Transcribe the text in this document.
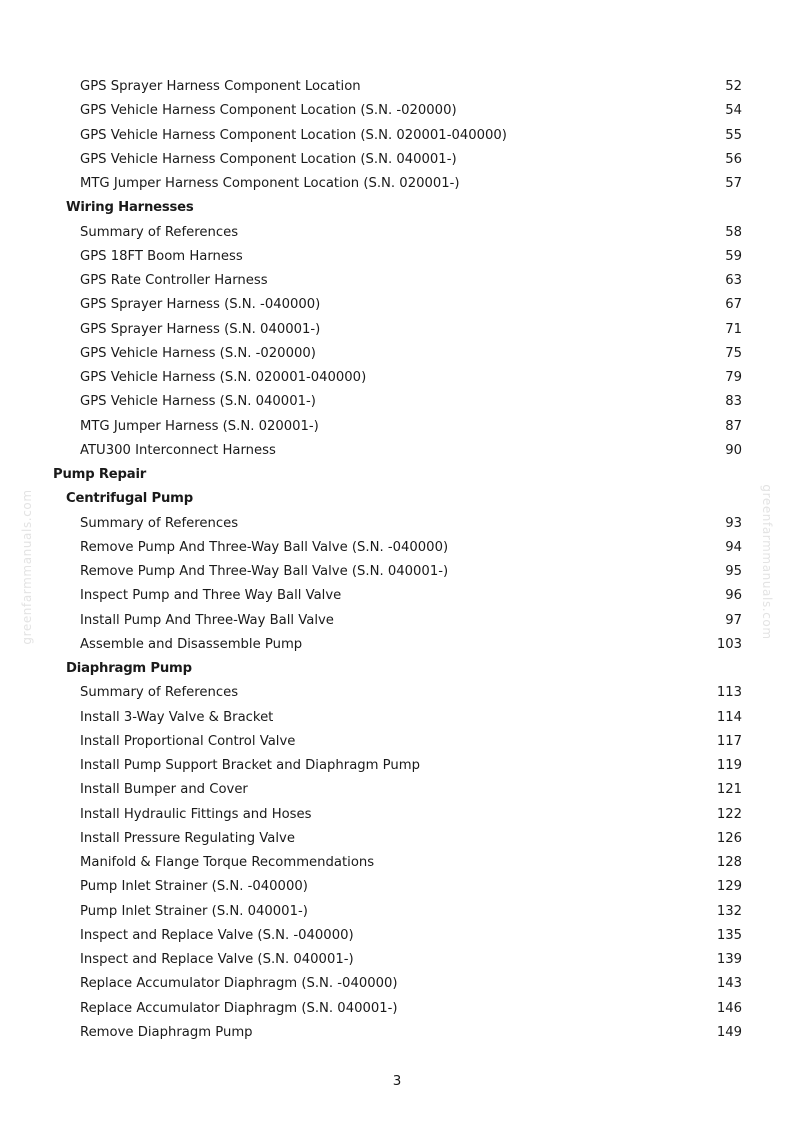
GPS Sprayer Harness Component Location	52
GPS Vehicle Harness Component Location (S.N. -020000)	54
GPS Vehicle Harness Component Location (S.N. 020001-040000)	55
GPS Vehicle Harness Component Location (S.N. 040001-)	56
MTG Jumper Harness Component Location (S.N. 020001-)	57
Wiring Harnesses
Summary of References	58
GPS 18FT Boom Harness	59
GPS Rate Controller Harness	63
GPS Sprayer Harness (S.N. -040000)	67
GPS Sprayer Harness (S.N. 040001-)	71
GPS Vehicle Harness (S.N. -020000)	75
GPS Vehicle Harness (S.N. 020001-040000)	79
GPS Vehicle Harness (S.N. 040001-)	83
MTG Jumper Harness (S.N. 020001-)	87
ATU300 Interconnect Harness	90
Pump Repair
Centrifugal Pump
Summary of References	93
Remove Pump And Three-Way Ball Valve (S.N. -040000)	94
Remove Pump And Three-Way Ball Valve (S.N. 040001-)	95
Inspect Pump and Three Way Ball Valve	96
Install Pump And Three-Way Ball Valve	97
Assemble and Disassemble Pump	103
Diaphragm Pump
Summary of References	113
Install 3-Way Valve & Bracket	114
Install Proportional Control Valve	117
Install Pump Support Bracket and Diaphragm Pump	119
Install Bumper and Cover	121
Install Hydraulic Fittings and Hoses	122
Install Pressure Regulating Valve	126
Manifold & Flange Torque Recommendations	128
Pump Inlet Strainer (S.N. -040000)	129
Pump Inlet Strainer (S.N. 040001-)	132
Inspect and Replace Valve (S.N. -040000)	135
Inspect and Replace Valve (S.N. 040001-)	139
Replace Accumulator Diaphragm (S.N. -040000)	143
Replace Accumulator Diaphragm (S.N. 040001-)	146
Remove Diaphragm Pump	149
greenfarmmanuals.com	greenfarmmanuals.com
3
